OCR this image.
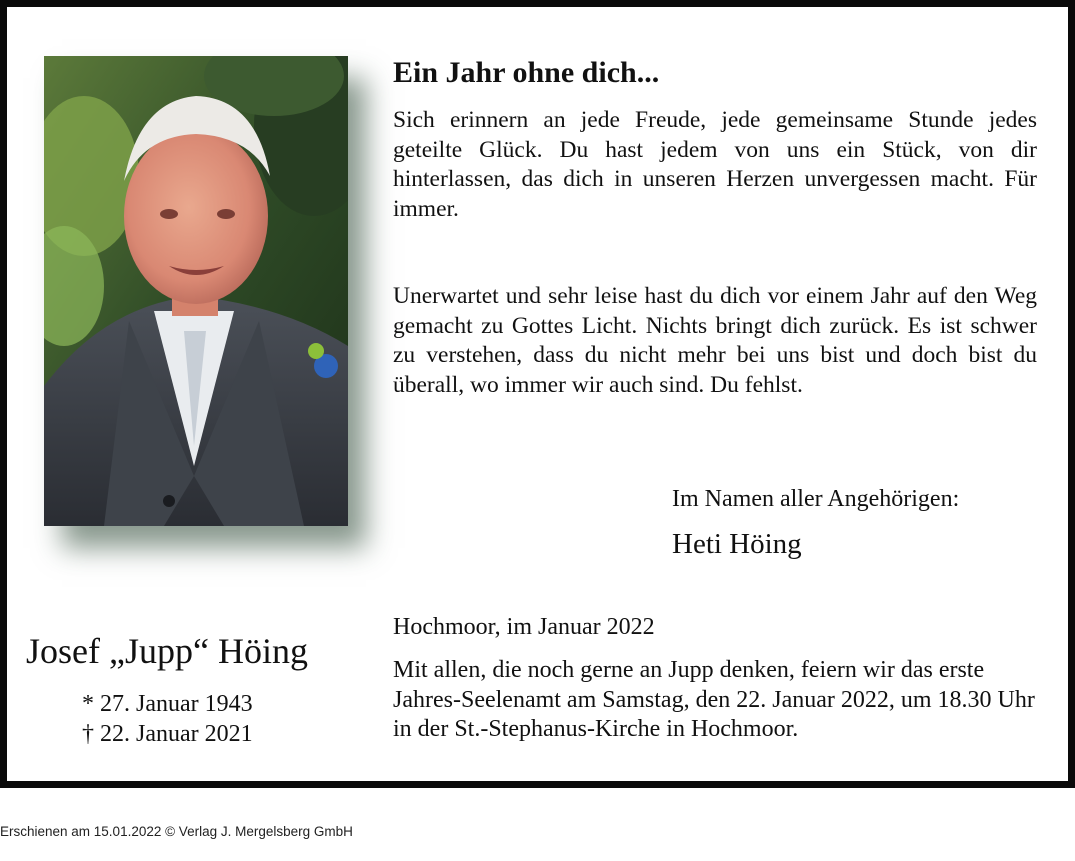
Ein Jahr ohne dich...

Sich erinnern an jede Freude, jede gemeinsame Stunde jedes geteilte Glück. Du hast jedem von uns ein Stück, von dir hinterlassen, das dich in unseren Herzen unvergessen macht. Für immer.

Unerwartet und sehr leise hast du dich vor einem Jahr auf den Weg gemacht zu Gottes Licht. Nichts bringt dich zurück. Es ist schwer zu verstehen, dass du nicht mehr bei uns bist und doch bist du überall, wo immer wir auch sind. Du fehlst.

Im Namen aller Angehörigen:

Heti Höing

Hochmoor, im Januar 2022

Mit allen, die noch gerne an Jupp denken, feiern wir das erste Jahres-Seelenamt am Samstag, den 22. Januar 2022, um 18.30 Uhr in der St.-Stephanus-Kirche in Hochmoor.

Josef „Jupp“ Höing

* 27. Januar 1943
† 22. Januar 2021
Erschienen am 15.01.2022 © Verlag J. Mergelsberg GmbH
